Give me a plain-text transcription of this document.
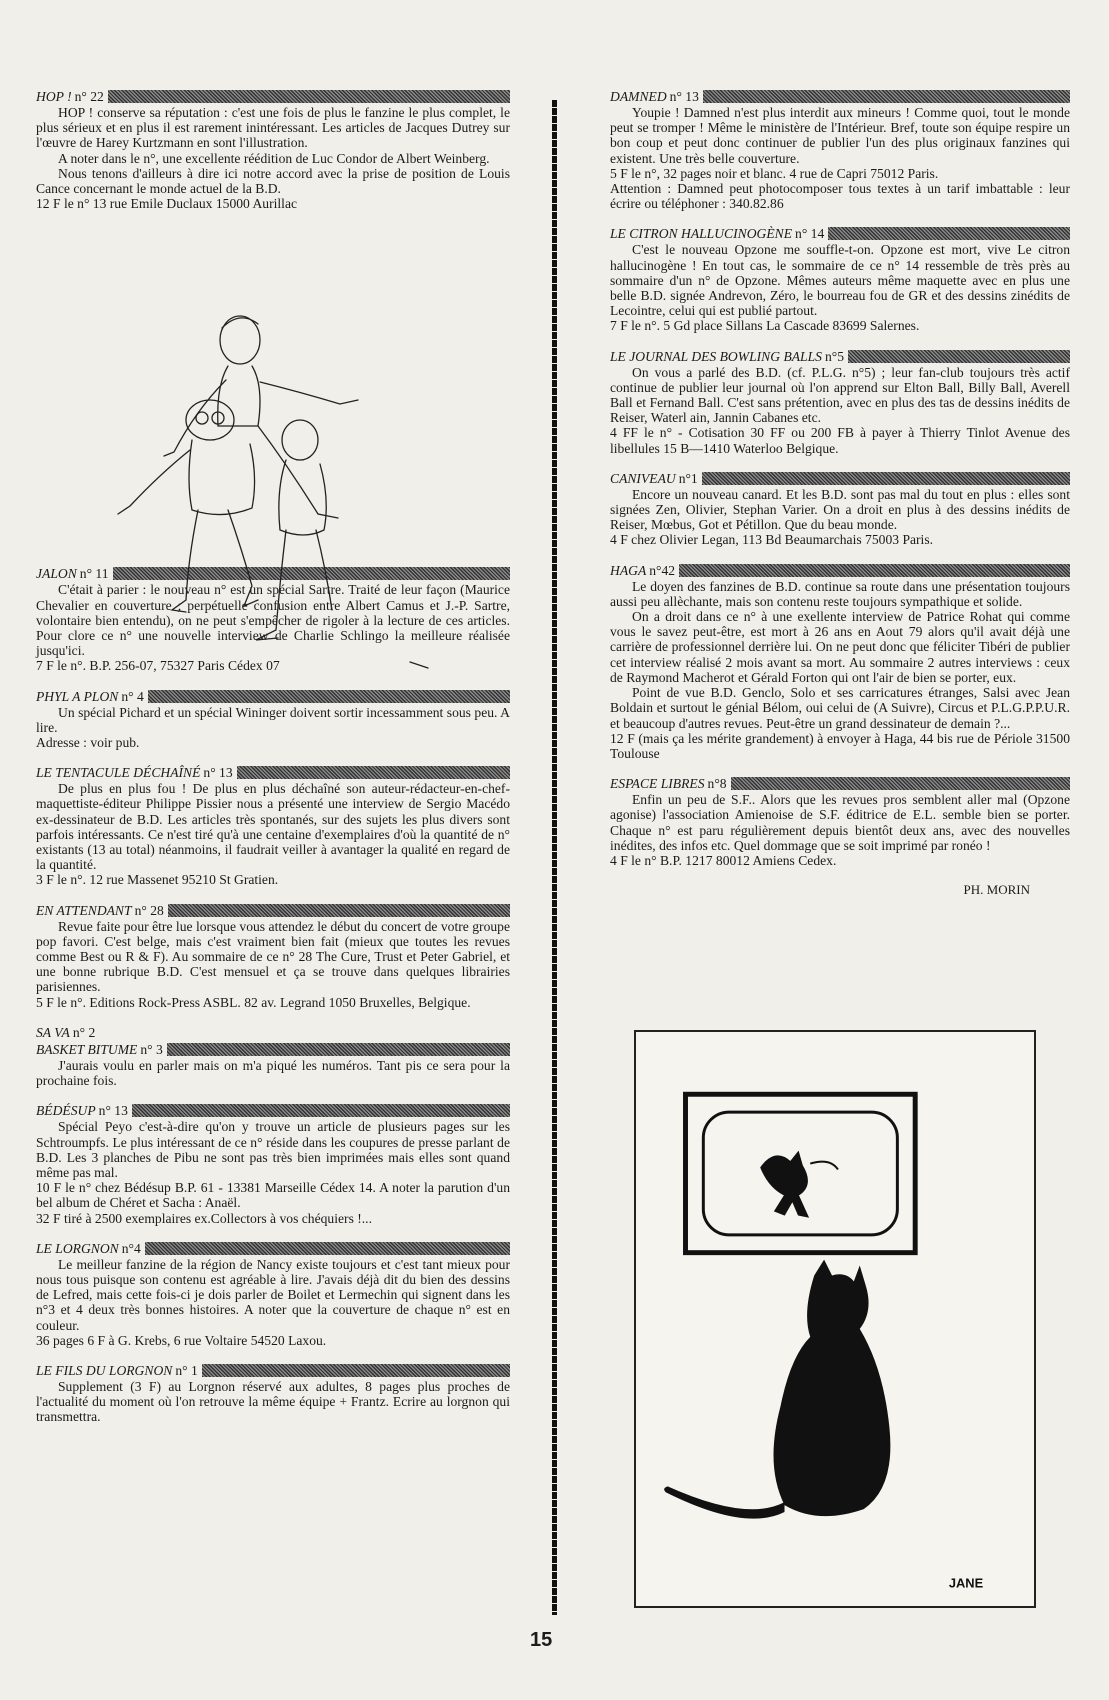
HOP ! n° 22

HOP ! conserve sa réputation : c'est une fois de plus le fanzine le plus complet, le plus sérieux et en plus il est rarement inintéressant. Les articles de Jacques Dutrey sur l'œuvre de Harey Kurtzmann en sont l'illustration.

A noter dans le n°, une excellente réédition de Luc Condor de Albert Weinberg.

Nous tenons d'ailleurs à dire ici notre accord avec la prise de position de Louis Cance concernant le monde actuel de la B.D.

12 F le n° 13 rue Emile Duclaux 15000 Aurillac

JALON n° 11

C'était à parier : le nouveau n° est un spécial Sartre. Traité de leur façon (Maurice Chevalier en couverture ; perpétuelle confusion entre Albert Camus et J.-P. Sartre, volontaire bien entendu), on ne peut s'empêcher de rigoler à la lecture de ces articles. Pour clore ce n° une nouvelle interview de Charlie Schlingo la meilleure réalisée jusqu'ici.

7 F le n°. B.P. 256-07, 75327 Paris Cédex 07

PHYL A PLON n° 4

Un spécial Pichard et un spécial Wininger doivent sortir incessamment sous peu. A lire.

Adresse : voir pub.

LE TENTACULE DÉCHAÎNÉ n° 13

De plus en plus fou ! De plus en plus déchaîné son auteur-rédacteur-en-chef-maquettiste-éditeur Philippe Pissier nous a présenté une interview de Sergio Macédo ex-dessinateur de B.D. Les articles très spontanés, sur des sujets les plus divers sont parfois intéressants. Ce n'est tiré qu'à une centaine d'exemplaires d'où la quantité de n° existants (13 au total) néanmoins, il faudrait veiller à avantager la qualité en regard de la quantité.

3 F le n°. 12 rue Massenet 95210 St Gratien.

EN ATTENDANT n° 28

Revue faite pour être lue lorsque vous attendez le début du concert de votre groupe pop favori. C'est belge, mais c'est vraiment bien fait (mieux que toutes les revues comme Best ou R & F). Au sommaire de ce n° 28 The Cure, Trust et Peter Gabriel, et une bonne rubrique B.D. C'est mensuel et ça se trouve dans quelques librairies parisiennes.

5 F le n°. Editions Rock-Press ASBL. 82 av. Legrand 1050 Bruxelles, Belgique.

SA VA n° 2
BASKET BITUME n° 3

J'aurais voulu en parler mais on m'a piqué les numéros. Tant pis ce sera pour la prochaine fois.

BÉDÉSUP n° 13

Spécial Peyo c'est-à-dire qu'on y trouve un article de plusieurs pages sur les Schtroumpfs. Le plus intéressant de ce n° réside dans les coupures de presse parlant de B.D. Les 3 planches de Pibu ne sont pas très bien imprimées mais elles sont quand même pas mal.

10 F le n° chez Bédésup B.P. 61 - 13381 Marseille Cédex 14. A noter la parution d'un bel album de Chéret et Sacha : Anaël.

32 F tiré à 2500 exemplaires ex.Collectors à vos chéquiers !...

LE LORGNON n°4

Le meilleur fanzine de la région de Nancy existe toujours et c'est tant mieux pour nous tous puisque son contenu est agréable à lire. J'avais déjà dit du bien des dessins de Lefred, mais cette fois-ci je dois parler de Boilet et Lermechin qui signent dans les n°3 et 4 deux très bonnes histoires. A noter que la couverture de chaque n° est en couleur.

36 pages 6 F à G. Krebs, 6 rue Voltaire 54520 Laxou.

LE FILS DU LORGNON n° 1

Supplement (3 F) au Lorgnon réservé aux adultes, 8 pages plus proches de l'actualité du moment où l'on retrouve la même équipe + Frantz. Ecrire au lorgnon qui transmettra.

DAMNED n° 13

Youpie ! Damned n'est plus interdit aux mineurs ! Comme quoi, tout le monde peut se tromper ! Même le ministère de l'Intérieur. Bref, toute son équipe respire un bon coup et peut donc continuer de publier l'un des plus originaux fanzines qui existent. Une très belle couverture.

5 F le n°, 32 pages noir et blanc. 4 rue de Capri 75012 Paris.

Attention : Damned peut photocomposer tous textes à un tarif imbattable : leur écrire ou téléphoner : 340.82.86

LE CITRON HALLUCINOGÈNE n° 14

C'est le nouveau Opzone me souffle-t-on. Opzone est mort, vive Le citron hallucinogène ! En tout cas, le sommaire de ce n° 14 ressemble de très près au sommaire d'un n° de Opzone. Mêmes auteurs même maquette avec en plus une belle B.D. signée Andrevon, Zéro, le bourreau fou de GR et des dessins zinédits de Lecointre, celui qui est publié partout.

7 F le n°. 5 Gd place Sillans La Cascade 83699 Salernes.

LE JOURNAL DES BOWLING BALLS n°5

On vous a parlé des B.D. (cf. P.L.G. n°5) ; leur fan-club toujours très actif continue de publier leur journal où l'on apprend sur Elton Ball, Billy Ball, Averell Ball et Fernand Ball. C'est sans prétention, avec en plus des tas de dessins inédits de Reiser, Waterl ain, Jannin Cabanes etc.

4 FF le n° - Cotisation 30 FF ou 200 FB à payer à Thierry Tinlot Avenue des libellules 15 B—1410 Waterloo Belgique.

CANIVEAU n°1

Encore un nouveau canard. Et les B.D. sont pas mal du tout en plus : elles sont signées Zen, Olivier, Stephan Varier. On a droit en plus à des dessins inédits de Reiser, Mœbus, Got et Pétillon. Que du beau monde.

4 F chez Olivier Legan, 113 Bd Beaumarchais 75003 Paris.

HAGA n°42

Le doyen des fanzines de B.D. continue sa route dans une présentation toujours aussi peu allèchante, mais son contenu reste toujours sympathique et solide.

On a droit dans ce n° à une exellente interview de Patrice Rohat qui comme vous le savez peut-être, est mort à 26 ans en Aout 79 alors qu'il avait déjà une carrière de professionnel derrière lui. On ne peut donc que féliciter Tibéri de publier cet interview réalisé 2 mois avant sa mort. Au sommaire 2 autres interviews : ceux de Raymond Macherot et Gérald Forton qui ont l'air de bien se porter, eux.

Point de vue B.D. Genclo, Solo et ses carricatures étranges, Salsi avec Jean Boldain et surtout le génial Bélom, oui celui de (A Suivre), Circus et P.L.G.P.P.U.R. et beaucoup d'autres revues. Peut-être un grand dessinateur de demain ?...

12 F (mais ça les mérite grandement) à envoyer à Haga, 44 bis rue de Périole 31500 Toulouse

ESPACE LIBRES n°8

Enfin un peu de S.F.. Alors que les revues pros semblent aller mal (Opzone agonise) l'association Amienoise de S.F. éditrice de E.L. semble bien se porter. Chaque n° est paru régulièrement depuis bientôt deux ans, avec des nouvelles inédites, des infos etc. Quel dommage que se soit imprimé par ronéo !

4 F le n° B.P. 1217 80012 Amiens Cedex.

PH. MORIN
JANE
15
